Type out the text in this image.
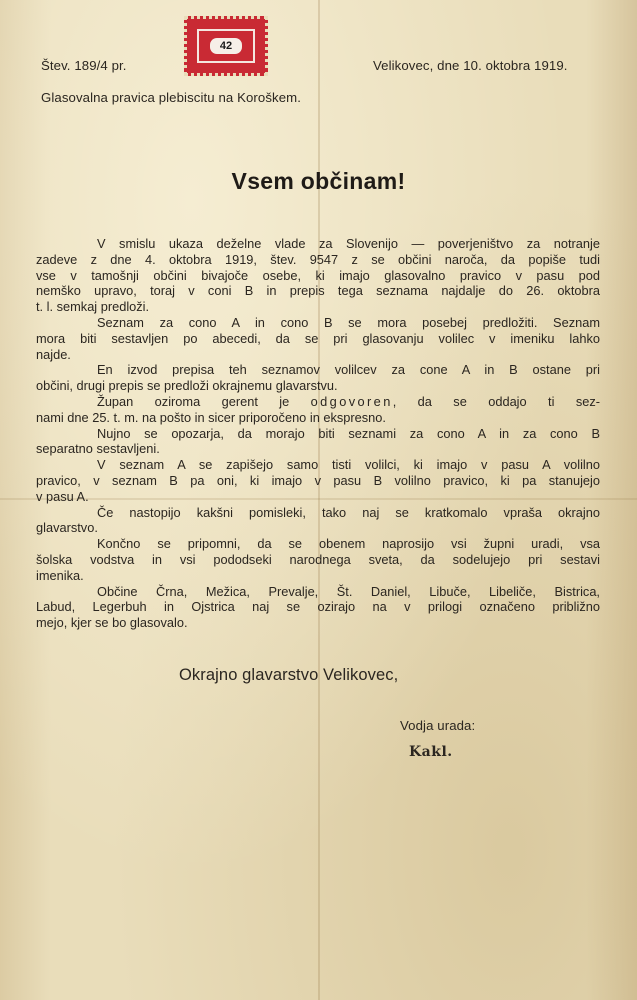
Štev. 189/4 pr.
42
Velikovec, dne 10. oktobra 1919.
Glasovalna pravica plebiscitu na Koroškem.
Vsem občinam!
V smislu ukaza deželne vlade za Slovenijo — poverjeništvo za notranje
zadeve z dne 4. oktobra 1919, štev. 9547 z se občini naroča, da popiše tudi
vse v tamošnji občini bivajoče osebe, ki imajo glasovalno pravico v pasu pod
nemško upravo, toraj v coni B in prepis tega seznama najdalje do 26. oktobra
t. l. semkaj predloži.
Seznam za cono A in cono B se mora posebej predložiti. Seznam
mora biti sestavljen po abecedi, da se pri glasovanju volilec v imeniku lahko
najde.
En izvod prepisa teh seznamov volilcev za cone A in B ostane pri
občini, drugi prepis se predloži okrajnemu glavarstvu.
Župan oziroma gerent je odgovoren, da se oddajo ti sez-
nami dne 25. t. m. na pošto in sicer priporočeno in ekspresno.
Nujno se opozarja, da morajo biti seznami za cono A in za cono B
separatno sestavljeni.
V seznam A se zapišejo samo tisti volilci, ki imajo v pasu A volilno
pravico, v seznam B pa oni, ki imajo v pasu B volilno pravico, ki pa stanujejo
v pasu A.
Če nastopijo kakšni pomisleki, tako naj se kratkomalo vpraša okrajno
glavarstvo.
Končno se pripomni, da se obenem naprosijo vsi župni uradi, vsa
šolska vodstva in vsi pododseki narodnega sveta, da sodelujejo pri sestavi
imenika.
Občine Črna, Mežica, Prevalje, Št. Daniel, Libuče, Libeliče, Bistrica,
Labud, Legerbuh in Ojstrica naj se ozirajo na v prilogi označeno približno
mejo, kjer se bo glasovalo.
Okrajno glavarstvo Velikovec,
Vodja urada:
Kakl.
